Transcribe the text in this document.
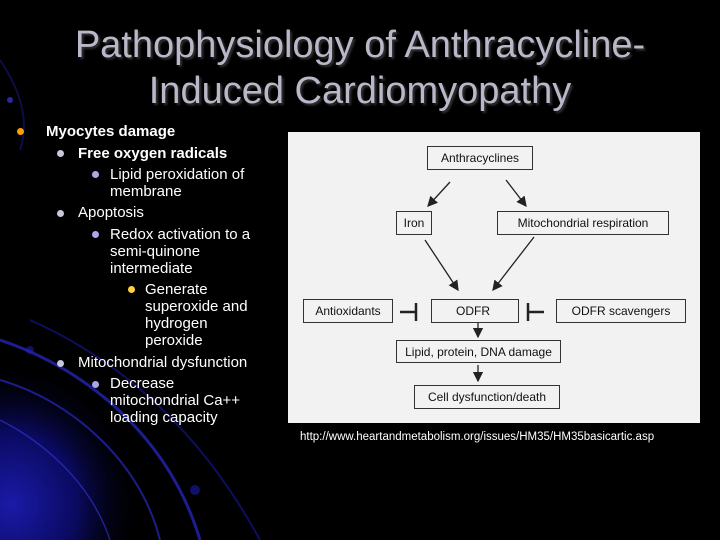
Pathophysiology of Anthracycline-
Induced Cardiomyopathy
Myocytes damage
Free oxygen radicals
Lipid peroxidation of
membrane
Apoptosis
Redox activation to a
semi-quinone
intermediate
Generate
superoxide and
hydrogen
peroxide
Mitochondrial dysfunction
Decrease
mitochondrial Ca++
loading capacity
Anthracyclines
Iron	Mitochondrial respiration
Antioxidants	ODFR	ODFR scavengers
Lipid, protein, DNA damage
Cell dysfunction/death
http://www.heartandmetabolism.org/issues/HM35/HM35basicartic.asp
